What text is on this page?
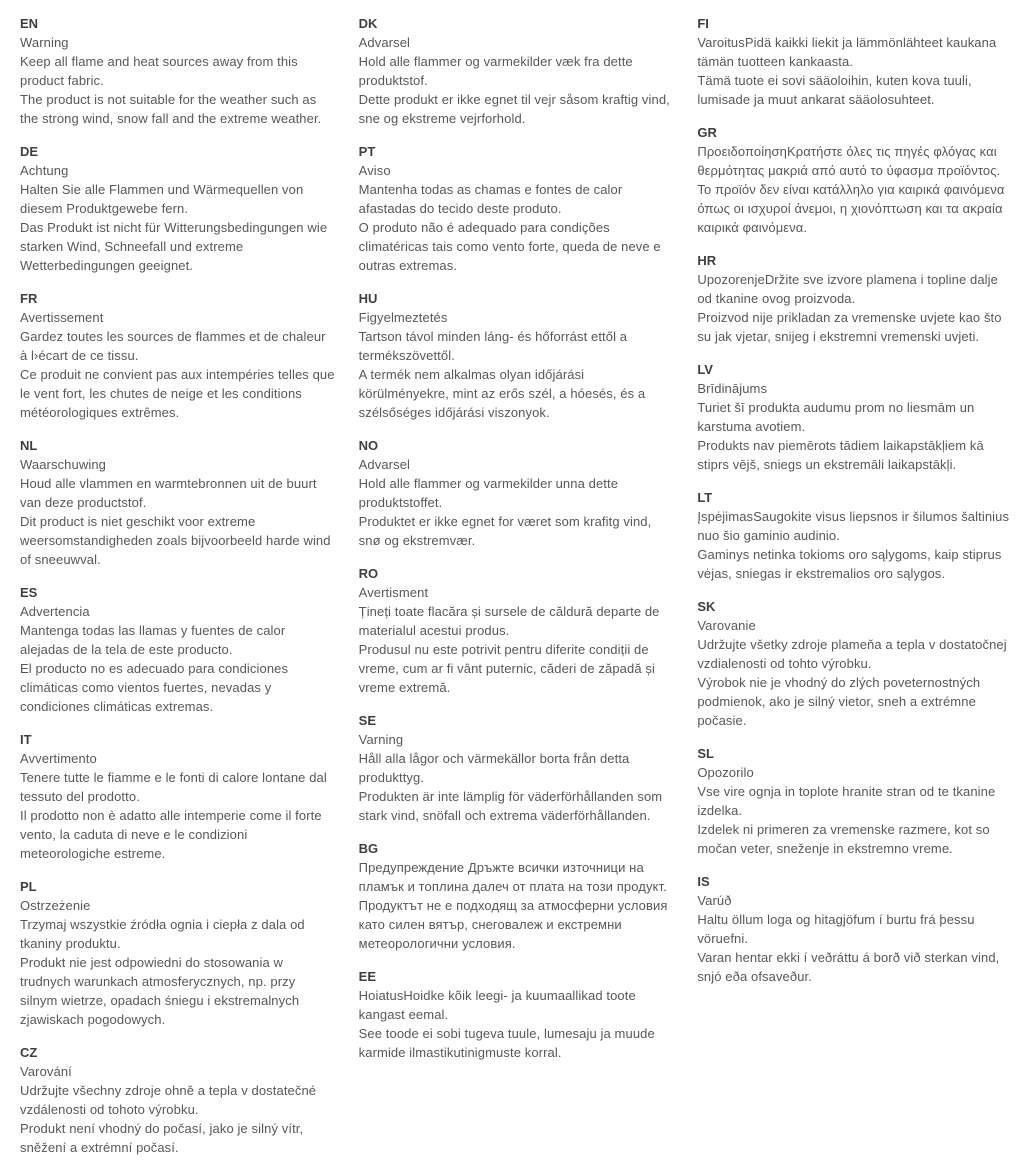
EN

Warning

Keep all flame and heat sources away from this product fabric.

The product is not suitable for the weather such as the strong wind, snow fall and the extreme weather.

DE

Achtung

Halten Sie alle Flammen und Wärmequellen von diesem Produktgewebe fern.

Das Produkt ist nicht für Witterungsbedingungen wie starken Wind, Schneefall und extreme Wetterbedingungen geeignet.

FR

Avertissement

Gardez toutes les sources de flammes et de chaleur à l›écart de ce tissu.

Ce produit ne convient pas aux intempéries telles que le vent fort, les chutes de neige et les conditions météorologiques extrêmes.

NL

Waarschuwing

Houd alle vlammen en warmtebronnen uit de buurt van deze productstof.

Dit product is niet geschikt voor extreme weersomstandigheden zoals bijvoorbeeld harde wind of sneeuwval.

ES

Advertencia

Mantenga todas las llamas y fuentes de calor alejadas de la tela de este producto.

El producto no es adecuado para condiciones climáticas como vientos fuertes, nevadas y condiciones climáticas extremas.

IT

Avvertimento

Tenere tutte le fiamme e le fonti di calore lontane dal tessuto del prodotto.

Il prodotto non è adatto alle intemperie come il forte vento, la caduta di neve e le condizioni meteorologiche estreme.

PL

Ostrzeżenie

Trzymaj wszystkie źródła ognia i ciepła z dala od tkaniny produktu.

Produkt nie jest odpowiedni do stosowania w trudnych warunkach atmosferycznych, np. przy silnym wietrze, opadach śniegu i ekstremalnych zjawiskach pogodowych.

CZ

Varování

Udržujte všechny zdroje ohně a tepla v dostatečné vzdálenosti od tohoto výrobku.

Produkt není vhodný do počasí, jako je silný vítr, sněžení a extrémní počasí.

DK

Advarsel

Hold alle flammer og varmekilder væk fra dette produktstof.

Dette produkt er ikke egnet til vejr såsom kraftig vind, sne og ekstreme vejrforhold.

PT

Aviso

Mantenha todas as chamas e fontes de calor afastadas do tecido deste produto.

O produto não é adequado para condições climatéricas tais como vento forte, queda de neve e outras extremas.

HU

Figyelmeztetés

Tartson távol minden láng- és hőforrást ettől a termékszövettől.

A termék nem alkalmas olyan időjárási körülményekre, mint az erős szél, a hóesés, és a szélsőséges időjárási viszonyok.

NO

Advarsel

Hold alle flammer og varmekilder unna dette produktstoffet.

Produktet er ikke egnet for været som krafitg vind, snø og ekstremvær.

RO

Avertisment

Țineți toate flacăra și sursele de căldură departe de materialul acestui produs.

Produsul nu este potrivit pentru diferite condiții de vreme, cum ar fi vânt puternic, căderi de zăpadă și vreme extremă.

SE

Varning

Håll alla lågor och värmekällor borta från detta produkttyg.

Produkten är inte lämplig för väderförhållanden som stark vind, snöfall och extrema väderförhållanden.

BG

Предупреждение Дръжте всички източници на пламък и топлина далеч от плата на този продукт.

Продуктът не е подходящ за атмосферни условия като силен вятър, снеговалеж и екстремни метеорологични условия.

EE

HoiatusHoidke kõik leegi- ja kuumaallikad toote kangast eemal.

See toode ei sobi tugeva tuule, lumesaju ja muude karmide ilmastikutinigmuste korral.

FI

VaroitusPidä kaikki liekit ja lämmönlähteet kaukana tämän tuotteen kankaasta.

Tämä tuote ei sovi sääoloihin, kuten kova tuuli, lumisade ja muut ankarat sääolosuhteet.

GR

ΠροειδοποίησηΚρατήστε όλες τις πηγές φλόγας και θερμότητας μακριά από αυτό το ύφασμα προϊόντος.

Το προϊόν δεν είναι κατάλληλο για καιρικά φαινόμενα όπως οι ισχυροί άνεμοι, η χιονόπτωση και τα ακραία καιρικά φαινόμενα.

HR

UpozorenjeDržite sve izvore plamena i topline dalje od tkanine ovog proizvoda.

Proizvod nije prikladan za vremenske uvjete kao što su jak vjetar, snijeg i ekstremni vremenski uvjeti.

LV

Brīdinājums

Turiet šī produkta audumu prom no liesmām un karstuma avotiem.

Produkts nav piemērots tādiem laikapstākļiem kā stiprs vējš, sniegs un ekstremāli laikapstākļi.

LT

ĮspėjimasSaugokite visus liepsnos ir šilumos šaltinius nuo šio gaminio audinio.

Gaminys netinka tokioms oro sąlygoms, kaip stiprus vėjas, sniegas ir ekstremalios oro sąlygos.

SK

Varovanie

Udržujte všetky zdroje plameňa a tepla v dostatočnej vzdialenosti od tohto výrobku.

Výrobok nie je vhodný do zlých poveternostných podmienok, ako je silný vietor, sneh a extrémne počasie.

SL

Opozorilo

Vse vire ognja in toplote hranite stran od te tkanine izdelka.

Izdelek ni primeren za vremenske razmere, kot so močan veter, sneženje in ekstremno vreme.

IS

Varúð

Haltu öllum loga og hitagjöfum í burtu frá þessu vöruefni.

Varan hentar ekki í veðráttu á borð við sterkan vind, snjó eða ofsaveður.
